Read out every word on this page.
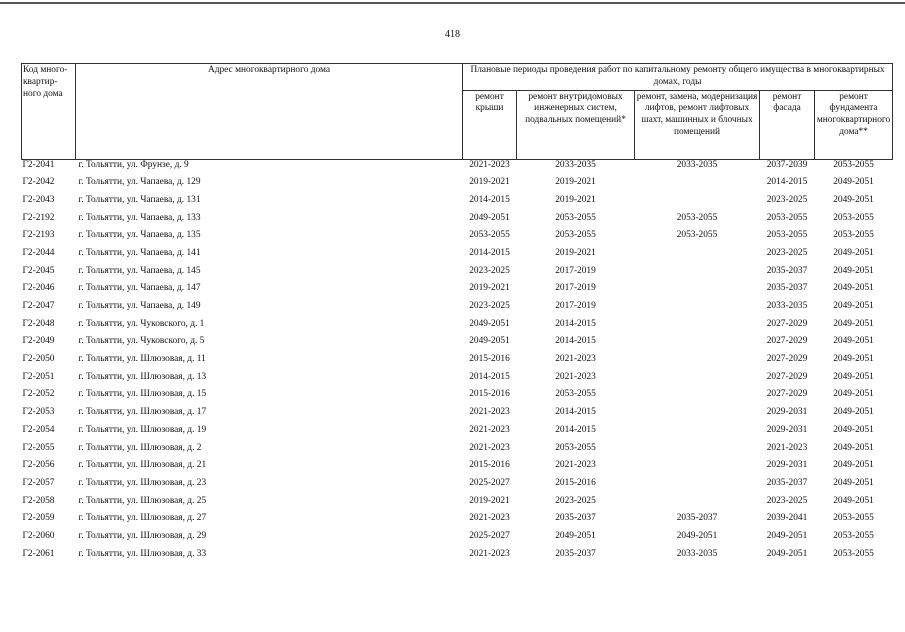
418
Код много-квартир-ного дома	Адрес многоквартирного дома	Плановые периоды проведения работ по капитальному ремонту общего имущества в многоквартирных домах, годы				
		ремонт крыши	ремонт внутридомовых инженерных систем, подвальных помещений*	ремонт, замена, модернизация лифтов, ремонт лифтовых шахт, машинных и блочных помещений	ремонт фасада	ремонт фундамента многоквартирного дома**
Г2-2041	г. Тольятти, ул. Фрунзе, д. 9	2021-2023	2033-2035	2033-2035	2037-2039	2053-2055
Г2-2042	г. Тольятти, ул. Чапаева, д. 129	2019-2021	2019-2021		2014-2015	2049-2051
Г2-2043	г. Тольятти, ул. Чапаева, д. 131	2014-2015	2019-2021		2023-2025	2049-2051
Г2-2192	г. Тольятти, ул. Чапаева, д. 133	2049-2051	2053-2055	2053-2055	2053-2055	2053-2055
Г2-2193	г. Тольятти, ул. Чапаева, д. 135	2053-2055	2053-2055	2053-2055	2053-2055	2053-2055
Г2-2044	г. Тольятти, ул. Чапаева, д. 141	2014-2015	2019-2021		2023-2025	2049-2051
Г2-2045	г. Тольятти, ул. Чапаева, д. 145	2023-2025	2017-2019		2035-2037	2049-2051
Г2-2046	г. Тольятти, ул. Чапаева, д. 147	2019-2021	2017-2019		2035-2037	2049-2051
Г2-2047	г. Тольятти, ул. Чапаева, д. 149	2023-2025	2017-2019		2033-2035	2049-2051
Г2-2048	г. Тольятти, ул. Чуковского, д. 1	2049-2051	2014-2015		2027-2029	2049-2051
Г2-2049	г. Тольятти, ул. Чуковского, д. 5	2049-2051	2014-2015		2027-2029	2049-2051
Г2-2050	г. Тольятти, ул. Шлюзовая, д. 11	2015-2016	2021-2023		2027-2029	2049-2051
Г2-2051	г. Тольятти, ул. Шлюзовая, д. 13	2014-2015	2021-2023		2027-2029	2049-2051
Г2-2052	г. Тольятти, ул. Шлюзовая, д. 15	2015-2016	2053-2055		2027-2029	2049-2051
Г2-2053	г. Тольятти, ул. Шлюзовая, д. 17	2021-2023	2014-2015		2029-2031	2049-2051
Г2-2054	г. Тольятти, ул. Шлюзовая, д. 19	2021-2023	2014-2015		2029-2031	2049-2051
Г2-2055	г. Тольятти, ул. Шлюзовая, д. 2	2021-2023	2053-2055		2021-2023	2049-2051
Г2-2056	г. Тольятти, ул. Шлюзовая, д. 21	2015-2016	2021-2023		2029-2031	2049-2051
Г2-2057	г. Тольятти, ул. Шлюзовая, д. 23	2025-2027	2015-2016		2035-2037	2049-2051
Г2-2058	г. Тольятти, ул. Шлюзовая, д. 25	2019-2021	2023-2025		2023-2025	2049-2051
Г2-2059	г. Тольятти, ул. Шлюзовая, д. 27	2021-2023	2035-2037	2035-2037	2039-2041	2053-2055
Г2-2060	г. Тольятти, ул. Шлюзовая, д. 29	2025-2027	2049-2051	2049-2051	2049-2051	2053-2055
Г2-2061	г. Тольятти, ул. Шлюзовая, д. 33	2021-2023	2035-2037	2033-2035	2049-2051	2053-2055
